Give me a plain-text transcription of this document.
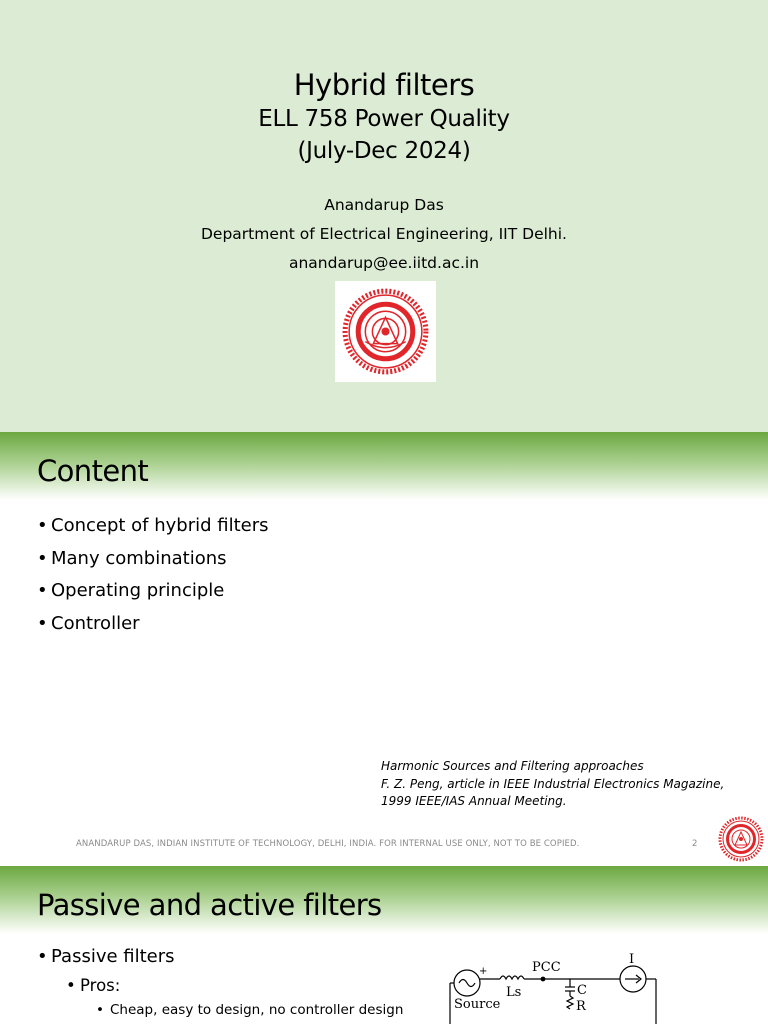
Hybrid filters
ELL 758 Power Quality
(July-Dec 2024)
Anandarup Das
Department of Electrical Engineering, IIT Delhi.
anandarup@ee.iitd.ac.in
Content
• Concept of hybrid filters
• Many combinations
• Operating principle
• Controller
Harmonic Sources and Filtering approaches
F. Z. Peng, article in IEEE Industrial Electronics Magazine,
1999 IEEE/IAS Annual Meeting.
ANANDARUP DAS, INDIAN INSTITUTE OF TECHNOLOGY, DELHI, INDIA. FOR INTERNAL USE ONLY, NOT TO BE COPIED.	2
Passive and active filters
• Passive filters
• Pros:
• Cheap, easy to design, no controller design	Source
+
Ls
PCC
C
R
I
